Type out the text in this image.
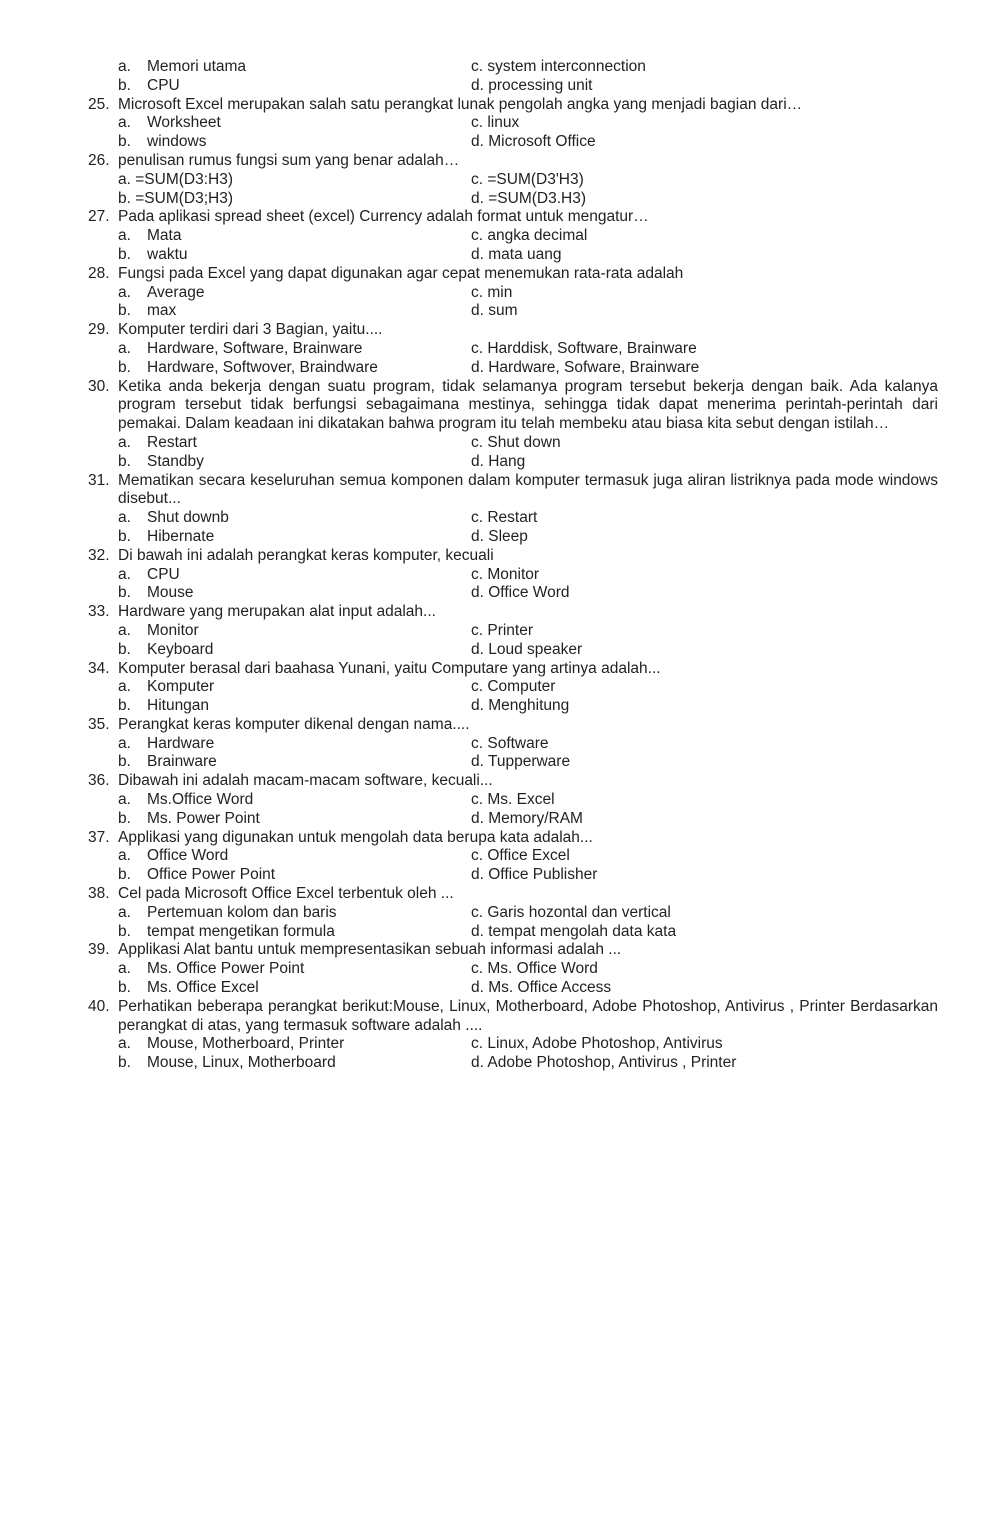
a. Memori utama	c. system interconnection
b. CPU	d. processing unit
25. Microsoft Excel merupakan salah satu perangkat lunak pengolah angka yang menjadi bagian dari…
a. Worksheet	c. linux
b. windows	d. Microsoft Office
26. penulisan rumus fungsi sum yang benar adalah…
a. =SUM(D3:H3)	c. =SUM(D3'H3)
b. =SUM(D3;H3)	d. =SUM(D3.H3)
27. Pada aplikasi spread sheet (excel) Currency adalah format untuk mengatur…
a. Mata	c. angka decimal
b. waktu	d. mata uang
28. Fungsi pada Excel yang dapat digunakan agar cepat menemukan rata-rata adalah
a. Average	c. min
b. max	d. sum
29. Komputer terdiri dari 3 Bagian, yaitu....
a. Hardware, Software, Brainware	c. Harddisk, Software, Brainware
b. Hardware, Softwover, Braindware	d. Hardware, Sofware, Brainware
30. Ketika anda bekerja dengan suatu program, tidak selamanya program tersebut bekerja dengan baik. Ada kalanya program tersebut tidak berfungsi sebagaimana mestinya, sehingga tidak dapat menerima perintah-perintah dari pemakai. Dalam keadaan ini dikatakan bahwa program itu telah membeku atau biasa kita sebut dengan istilah…
a. Restart	c. Shut down
b. Standby	d. Hang
31. Mematikan secara keseluruhan semua komponen dalam komputer termasuk juga aliran listriknya pada mode windows disebut...
a. Shut downb	c. Restart
b. Hibernate	d. Sleep
32. Di bawah ini adalah perangkat keras komputer, kecuali
a. CPU	c. Monitor
b. Mouse	d. Office Word
33. Hardware yang merupakan alat input adalah...
a. Monitor	c. Printer
b. Keyboard	d. Loud speaker
34. Komputer berasal dari baahasa Yunani, yaitu Computare yang artinya adalah...
a. Komputer	c. Computer
b. Hitungan	d. Menghitung
35. Perangkat keras komputer dikenal dengan nama....
a. Hardware	c. Software
b. Brainware	d. Tupperware
36. Dibawah ini adalah macam-macam software, kecuali...
a. Ms.Office Word	c. Ms. Excel
b. Ms. Power Point	d. Memory/RAM
37. Applikasi yang digunakan untuk mengolah data berupa kata adalah...
a. Office Word	c. Office Excel
b. Office Power Point	d. Office Publisher
38. Cel pada Microsoft Office Excel terbentuk oleh ...
a. Pertemuan kolom dan baris	c. Garis hozontal dan vertical
b. tempat mengetikan formula	d. tempat mengolah data kata
39. Applikasi Alat bantu untuk mempresentasikan sebuah informasi adalah ...
a. Ms. Office Power Point	c. Ms. Office Word
b. Ms. Office Excel	d. Ms. Office Access
40. Perhatikan beberapa perangkat berikut:Mouse, Linux, Motherboard, Adobe Photoshop, Antivirus , Printer Berdasarkan perangkat di atas, yang termasuk software adalah ....
a. Mouse, Motherboard, Printer	c. Linux, Adobe Photoshop, Antivirus
b. Mouse, Linux, Motherboard	d. Adobe Photoshop, Antivirus , Printer
